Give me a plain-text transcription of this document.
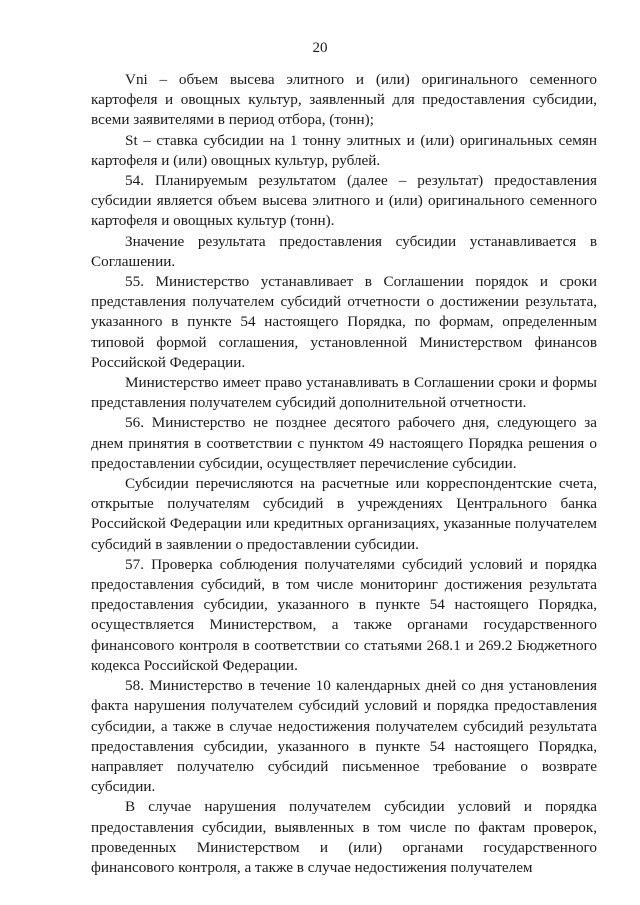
20

Vni – объем высева элитного и (или) оригинального семенного картофеля и овощных культур, заявленный для предоставления субсидии, всеми заявителями в период отбора, (тонн);

St – ставка субсидии на 1 тонну элитных и (или) оригинальных семян картофеля и (или) овощных культур, рублей.

54. Планируемым результатом (далее – результат) предоставления субсидии является объем высева элитного и (или) оригинального семенного картофеля и овощных культур (тонн).

Значение результата предоставления субсидии устанавливается в Соглашении.

55. Министерство устанавливает в Соглашении порядок и сроки представления получателем субсидий отчетности о достижении результата, указанного в пункте 54 настоящего Порядка, по формам, определенным типовой формой соглашения, установленной Министерством финансов Российской Федерации.

Министерство имеет право устанавливать в Соглашении сроки и формы представления получателем субсидий дополнительной отчетности.

56. Министерство не позднее десятого рабочего дня, следующего за днем принятия в соответствии с пунктом 49 настоящего Порядка решения о предоставлении субсидии, осуществляет перечисление субсидии.

Субсидии перечисляются на расчетные или корреспондентские счета, открытые получателям субсидий в учреждениях Центрального банка Российской Федерации или кредитных организациях, указанные получателем субсидий в заявлении о предоставлении субсидии.

57. Проверка соблюдения получателями субсидий условий и порядка предоставления субсидий, в том числе мониторинг достижения результата предоставления субсидии, указанного в пункте 54 настоящего Порядка, осуществляется Министерством, а также органами государственного финансового контроля в соответствии со статьями 268.1 и 269.2 Бюджетного кодекса Российской Федерации.

58. Министерство в течение 10 календарных дней со дня установления факта нарушения получателем субсидий условий и порядка предоставления субсидии, а также в случае недостижения получателем субсидий результата предоставления субсидии, указанного в пункте 54 настоящего Порядка, направляет получателю субсидий письменное требование о возврате субсидии.

В случае нарушения получателем субсидии условий и порядка предоставления субсидии, выявленных в том числе по фактам проверок, проведенных Министерством и (или) органами государственного финансового контроля, а также в случае недостижения получателем
